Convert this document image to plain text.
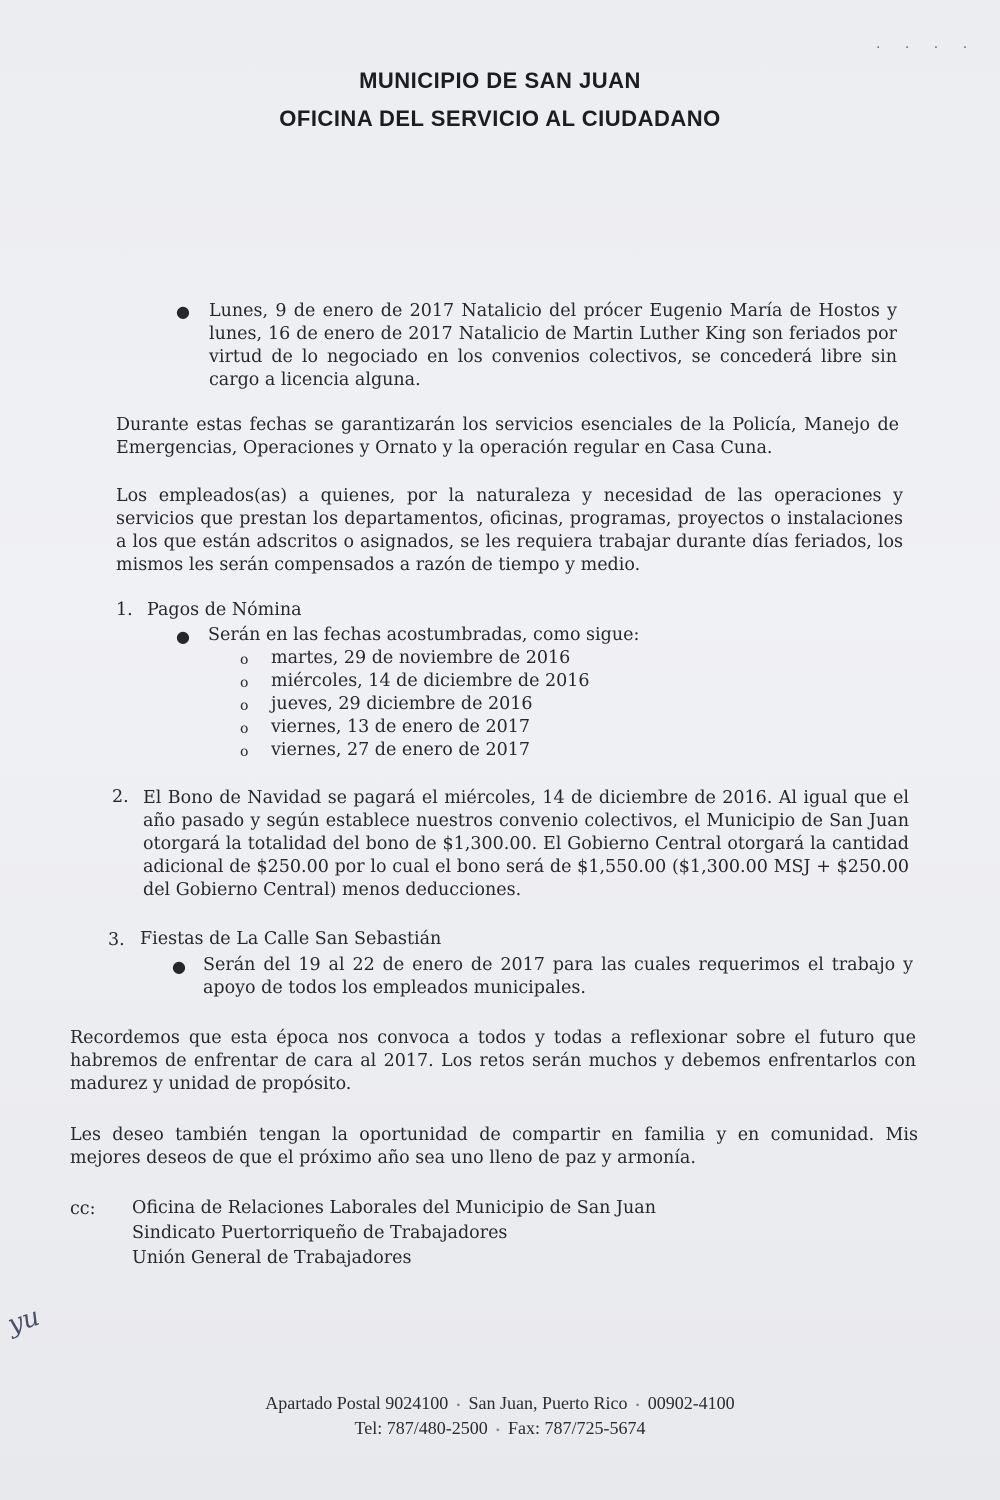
MUNICIPIO DE SAN JUAN
OFICINA DEL SERVICIO AL CIUDADANO
· · · ·
● Lunes, 9 de enero de 2017 Natalicio del prócer Eugenio María de Hostos y lunes, 16 de enero de 2017 Natalicio de Martin Luther King son feriados por virtud de lo negociado en los convenios colectivos, se concederá libre sin cargo a licencia alguna.
Durante estas fechas se garantizarán los servicios esenciales de la Policía, Manejo de Emergencias, Operaciones y Ornato y la operación regular en Casa Cuna.
Los empleados(as) a quienes, por la naturaleza y necesidad de las operaciones y servicios que prestan los departamentos, oficinas, programas, proyectos o instalaciones a los que están adscritos o asignados, se les requiera trabajar durante días feriados, los mismos les serán compensados a razón de tiempo y medio.
1. Pagos de Nómina
● Serán en las fechas acostumbradas, como sigue:
o martes, 29 de noviembre de 2016
o miércoles, 14 de diciembre de 2016
o jueves, 29 diciembre de 2016
o viernes, 13 de enero de 2017
o viernes, 27 de enero de 2017
2. El Bono de Navidad se pagará el miércoles, 14 de diciembre de 2016. Al igual que el año pasado y según establece nuestros convenio colectivos, el Municipio de San Juan otorgará la totalidad del bono de $1,300.00. El Gobierno Central otorgará la cantidad adicional de $250.00 por lo cual el bono será de $1,550.00 ($1,300.00 MSJ + $250.00 del Gobierno Central) menos deducciones.
3. Fiestas de La Calle San Sebastián
● Serán del 19 al 22 de enero de 2017 para las cuales requerimos el trabajo y apoyo de todos los empleados municipales.
Recordemos que esta época nos convoca a todos y todas a reflexionar sobre el futuro que habremos de enfrentar de cara al 2017. Los retos serán muchos y debemos enfrentarlos con madurez y unidad de propósito.
Les deseo también tengan la oportunidad de compartir en familia y en comunidad. Mis mejores deseos de que el próximo año sea uno lleno de paz y armonía.
cc: Oficina de Relaciones Laborales del Municipio de San Juan
Sindicato Puertorriqueño de Trabajadores
Unión General de Trabajadores
yu
Apartado Postal 9024100 • San Juan, Puerto Rico • 00902-4100
Tel: 787/480-2500 • Fax: 787/725-5674
